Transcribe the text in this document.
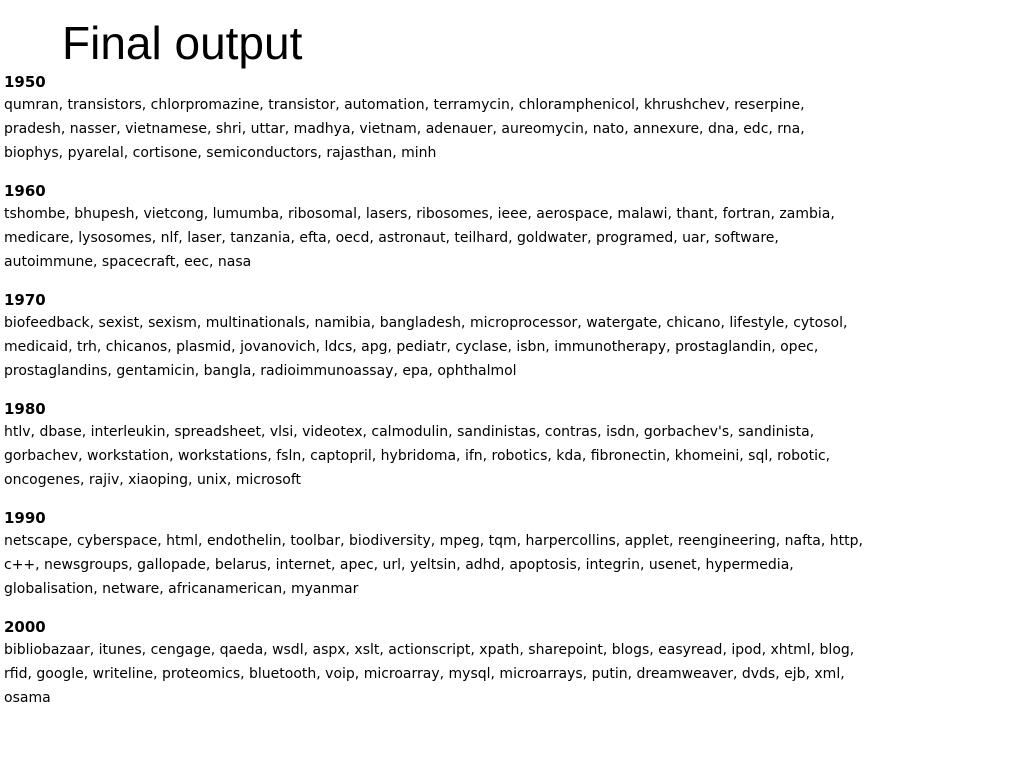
Final output
1950
qumran, transistors, chlorpromazine, transistor, automation, terramycin, chloramphenicol, khrushchev, reserpine,
pradesh, nasser, vietnamese, shri, uttar, madhya, vietnam, adenauer, aureomycin, nato, annexure, dna, edc, rna,
biophys, pyarelal, cortisone, semiconductors, rajasthan, minh
1960
tshombe, bhupesh, vietcong, lumumba, ribosomal, lasers, ribosomes, ieee, aerospace, malawi, thant, fortran, zambia,
medicare, lysosomes, nlf, laser, tanzania, efta, oecd, astronaut, teilhard, goldwater, programed, uar, software,
autoimmune, spacecraft, eec, nasa
1970
biofeedback, sexist, sexism, multinationals, namibia, bangladesh, microprocessor, watergate, chicano, lifestyle, cytosol,
medicaid, trh, chicanos, plasmid, jovanovich, ldcs, apg, pediatr, cyclase, isbn, immunotherapy, prostaglandin, opec,
prostaglandins, gentamicin, bangla, radioimmunoassay, epa, ophthalmol
1980
htlv, dbase, interleukin, spreadsheet, vlsi, videotex, calmodulin, sandinistas, contras, isdn, gorbachev's, sandinista,
gorbachev, workstation, workstations, fsln, captopril, hybridoma, ifn, robotics, kda, fibronectin, khomeini, sql, robotic,
oncogenes, rajiv, xiaoping, unix, microsoft
1990
netscape, cyberspace, html, endothelin, toolbar, biodiversity, mpeg, tqm, harpercollins, applet, reengineering, nafta, http,
c++, newsgroups, gallopade, belarus, internet, apec, url, yeltsin, adhd, apoptosis, integrin, usenet, hypermedia,
globalisation, netware, africanamerican, myanmar
2000
bibliobazaar, itunes, cengage, qaeda, wsdl, aspx, xslt, actionscript, xpath, sharepoint, blogs, easyread, ipod, xhtml, blog,
rfid, google, writeline, proteomics, bluetooth, voip, microarray, mysql, microarrays, putin, dreamweaver, dvds, ejb, xml,
osama
